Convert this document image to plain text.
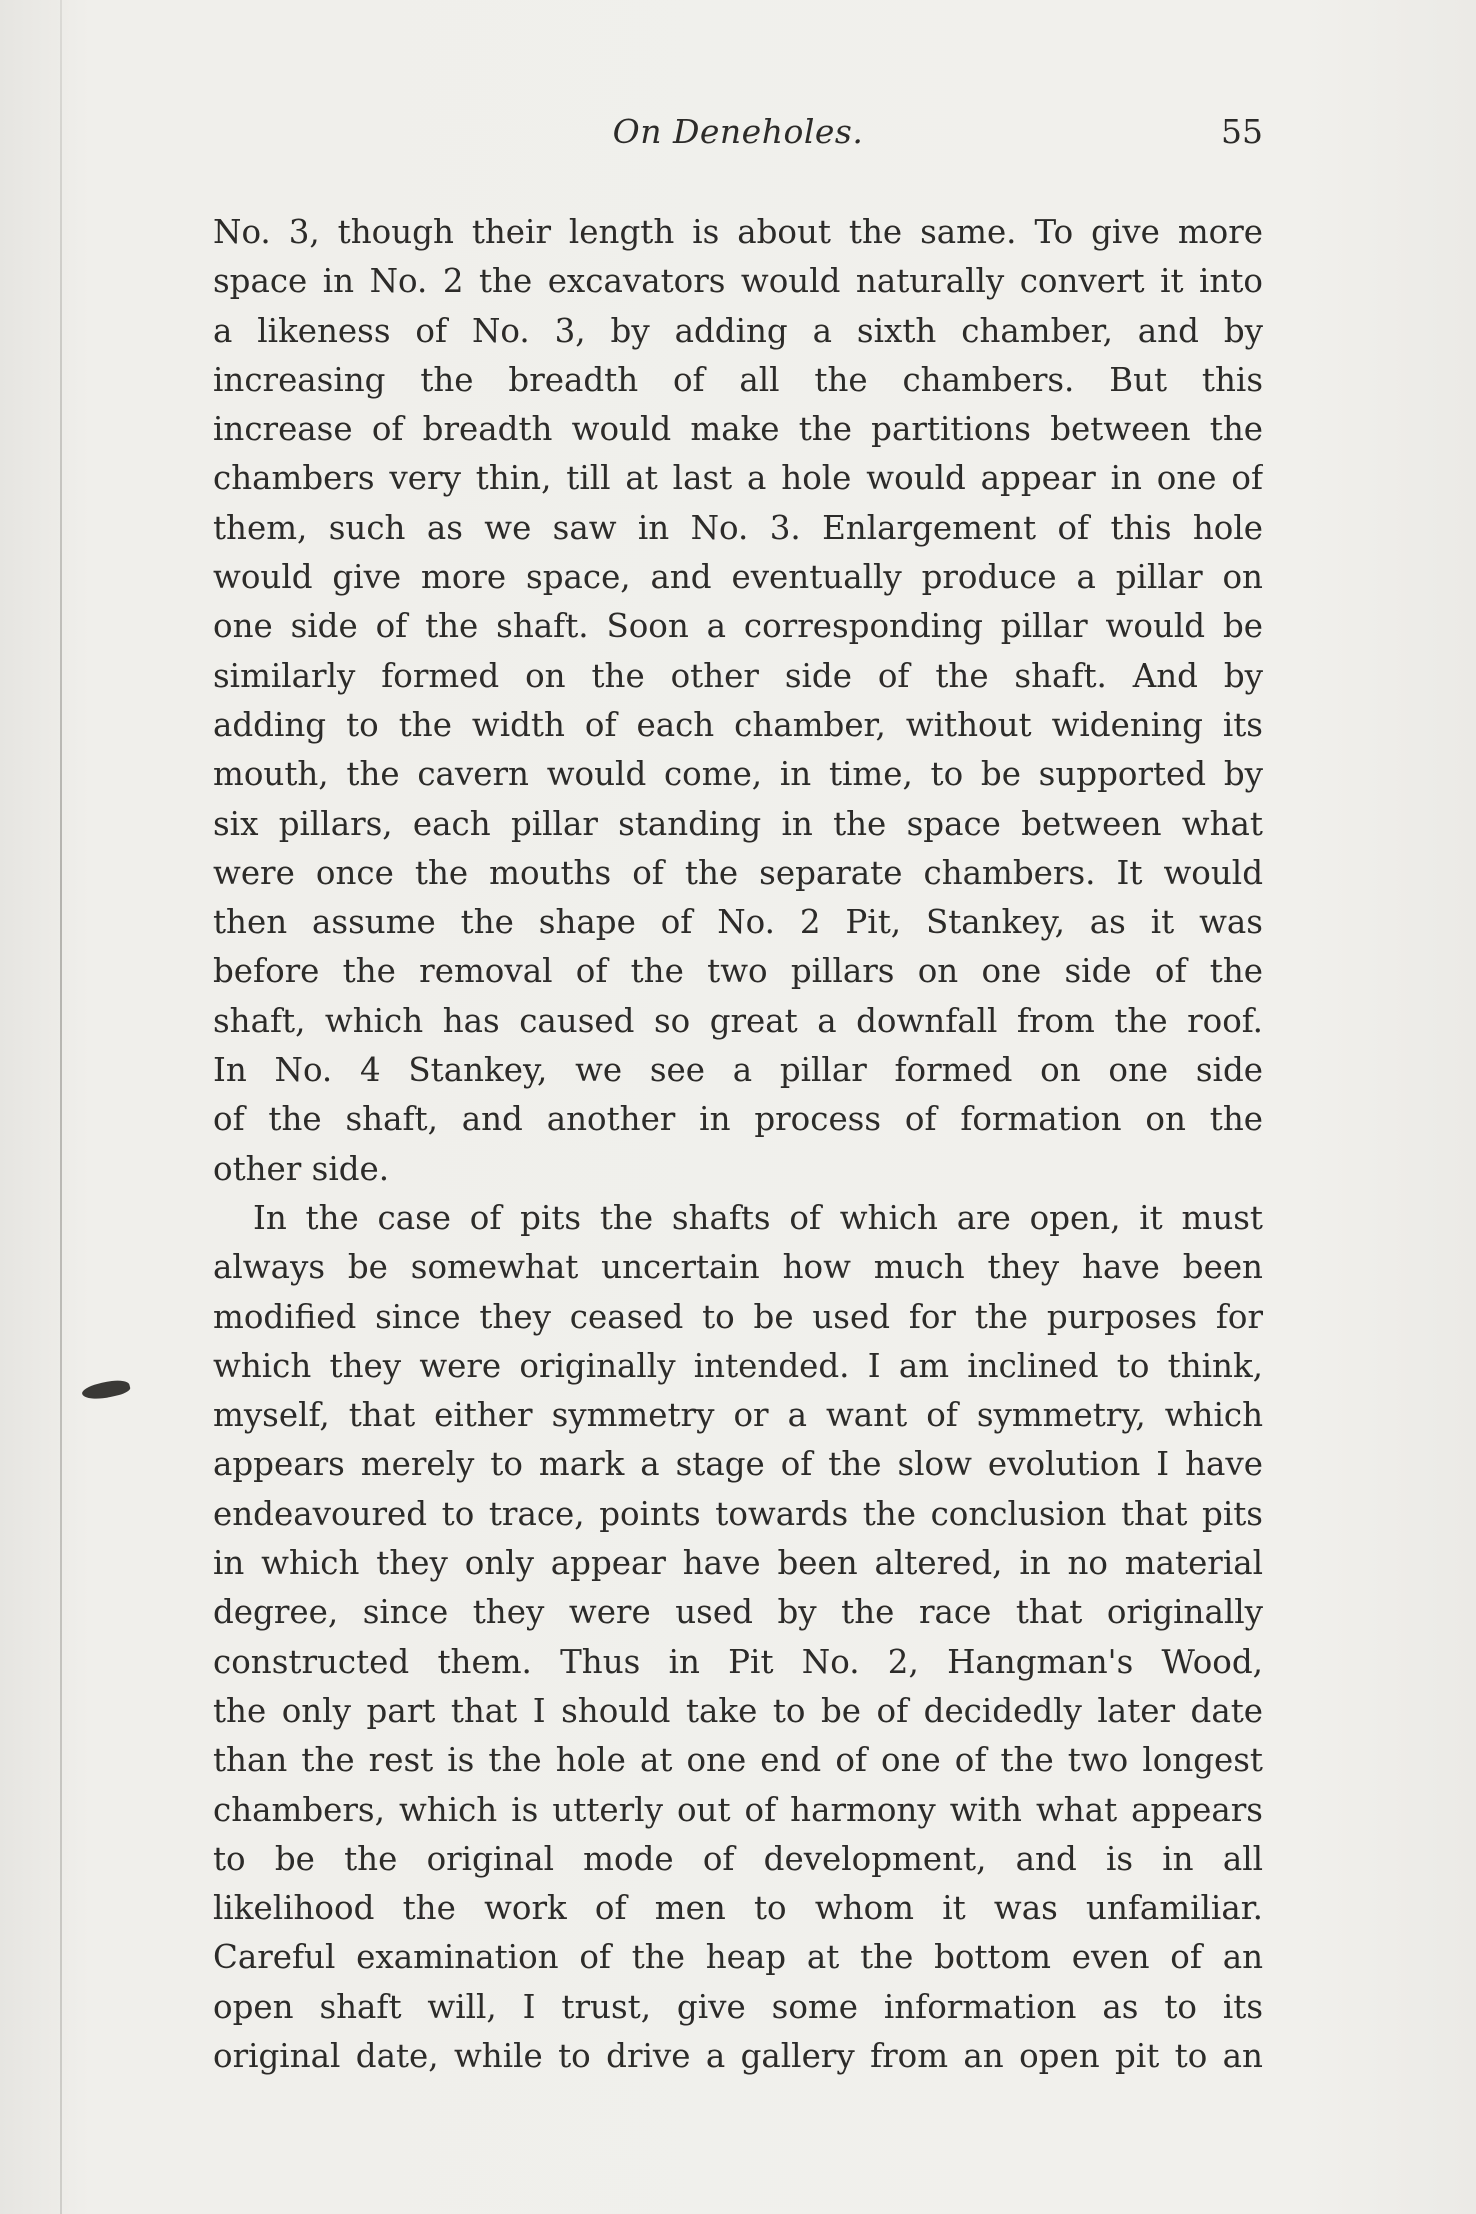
On Deneholes.	55
No. 3, though their length is about the same. To give more
space in No. 2 the excavators would naturally convert it into
a likeness of No. 3, by adding a sixth chamber, and by
increasing the breadth of all the chambers. But this
increase of breadth would make the partitions between the
chambers very thin, till at last a hole would appear in one of
them, such as we saw in No. 3. Enlargement of this hole
would give more space, and eventually produce a pillar on
one side of the shaft. Soon a corresponding pillar would be
similarly formed on the other side of the shaft. And by
adding to the width of each chamber, without widening its
mouth, the cavern would come, in time, to be supported by
six pillars, each pillar standing in the space between what
were once the mouths of the separate chambers. It would
then assume the shape of No. 2 Pit, Stankey, as it was
before the removal of the two pillars on one side of the
shaft, which has caused so great a downfall from the roof.
In No. 4 Stankey, we see a pillar formed on one side
of the shaft, and another in process of formation on the
other side.
In the case of pits the shafts of which are open, it must
always be somewhat uncertain how much they have been
modified since they ceased to be used for the purposes for
which they were originally intended. I am inclined to think,
myself, that either symmetry or a want of symmetry, which
appears merely to mark a stage of the slow evolution I have
endeavoured to trace, points towards the conclusion that pits
in which they only appear have been altered, in no material
degree, since they were used by the race that originally
constructed them. Thus in Pit No. 2, Hangman's Wood,
the only part that I should take to be of decidedly later date
than the rest is the hole at one end of one of the two longest
chambers, which is utterly out of harmony with what appears
to be the original mode of development, and is in all
likelihood the work of men to whom it was unfamiliar.
Careful examination of the heap at the bottom even of an
open shaft will, I trust, give some information as to its
original date, while to drive a gallery from an open pit to an
